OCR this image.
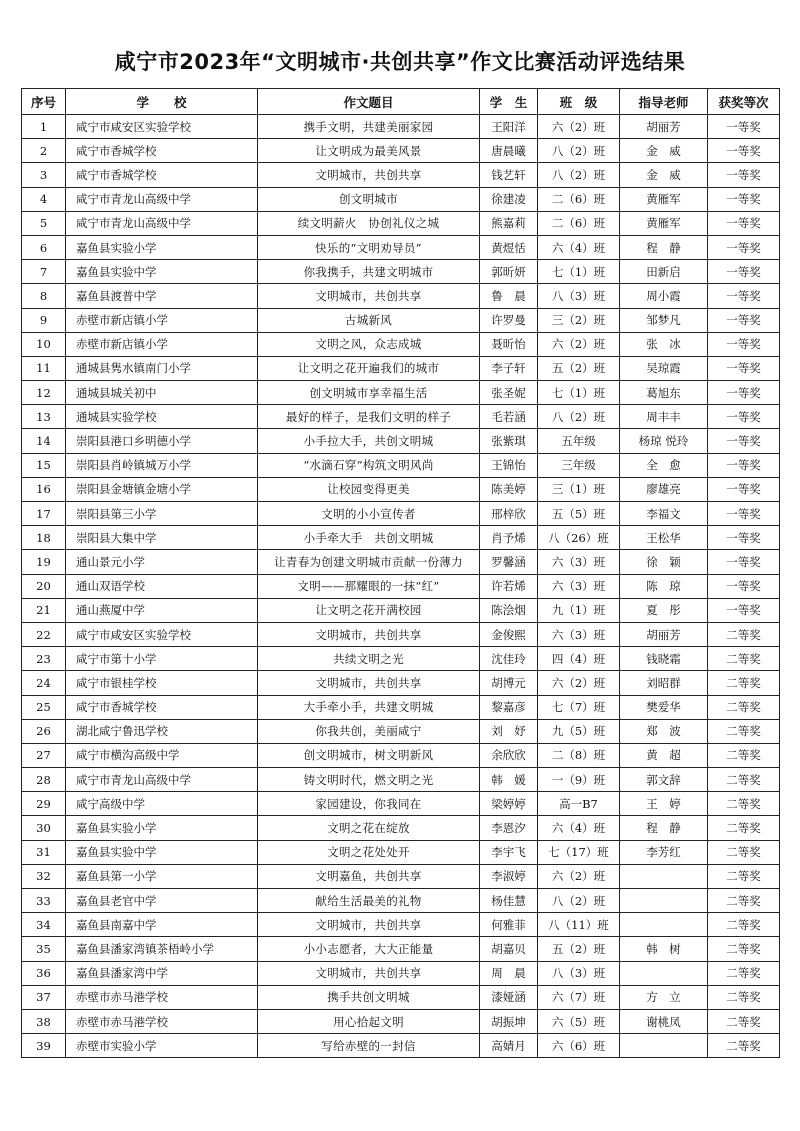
咸宁市2023年“文明城市·共创共享”作文比赛活动评选结果
序号	学　　校	作文题目	学　生	班　级	指导老师	获奖等次
1	咸宁市咸安区实验学校	携手文明，共建美丽家园	王阳洋	六（2）班	胡丽芳	一等奖
2	咸宁市香城学校	让文明成为最美风景	唐晨曦	八（2）班	金　威	一等奖
3	咸宁市香城学校	文明城市，共创共享	钱艺轩	八（2）班	金　威	一等奖
4	咸宁市青龙山高级中学	创文明城市	徐建凌	二（6）班	黄雁军	一等奖
5	咸宁市青龙山高级中学	续文明薪火　协创礼仪之城	熊嘉莉	二（6）班	黄雁军	一等奖
6	嘉鱼县实验小学	快乐的“文明劝导员”	黄煜恬	六（4）班	程　静	一等奖
7	嘉鱼县实验中学	你我携手，共建文明城市	郭昕妍	七（1）班	田新启	一等奖
8	嘉鱼县渡普中学	文明城市，共创共享	鲁　晨	八（3）班	周小霞	一等奖
9	赤壁市新店镇小学	古城新风	许罗曼	三（2）班	邹梦凡	一等奖
10	赤壁市新店镇小学	文明之风，众志成城	聂昕怡	六（2）班	张　冰	一等奖
11	通城县隽水镇南门小学	让文明之花开遍我们的城市	李子轩	五（2）班	吴琼霞	一等奖
12	通城县城关初中	创文明城市享幸福生活	张圣妮	七（1）班	葛旭东	一等奖
13	通城县实验学校	最好的样子，是我们文明的样子	毛若涵	八（2）班	周丰丰	一等奖
14	崇阳县港口乡明德小学	小手拉大手，共创文明城	张紫琪	五年级	杨琼 悦玲	一等奖
15	崇阳县肖岭镇城万小学	“水滴石穿”构筑文明风尚	王锦怡	三年级	全　愈	一等奖
16	崇阳县金塘镇金塘小学	让校园变得更美	陈美婷	三（1）班	廖雄亮	一等奖
17	崇阳县第三小学	文明的小小宣传者	邢梓欣	五（5）班	李福文	一等奖
18	崇阳县大集中学	小手牵大手　共创文明城	肖予烯	八（26）班	王松华	一等奖
19	通山景元小学	让青春为创建文明城市贡献一份薄力	罗馨涵	六（3）班	徐　颖	一等奖
20	通山双语学校	文明——那耀眼的一抹“红”	许若烯	六（3）班	陈　琼	一等奖
21	通山燕厦中学	让文明之花开满校园	陈浍烟	九（1）班	夏　彤	一等奖
22	咸宁市咸安区实验学校	文明城市，共创共享	金俊熙	六（3）班	胡丽芳	二等奖
23	咸宁市第十小学	共续文明之光	沈佳玲	四（4）班	钱晓霜	二等奖
24	咸宁市银桂学校	文明城市，共创共享	胡博元	六（2）班	刘昭群	二等奖
25	咸宁市香城学校	大手牵小手，共建文明城	黎嘉彦	七（7）班	樊爱华	二等奖
26	湖北咸宁鲁迅学校	你我共创，美丽咸宁	刘　妤	九（5）班	郑　波	二等奖
27	咸宁市横沟高级中学	创文明城市，树文明新风	余欣欣	二（8）班	黄　超	二等奖
28	咸宁市青龙山高级中学	铸文明时代，燃文明之光	韩　媛	一（9）班	郭文辞	二等奖
29	咸宁高级中学	家园建设，你我同在	梁婷婷	高一B7	王　婷	二等奖
30	嘉鱼县实验小学	文明之花在绽放	李恩汐	六（4）班	程　静	二等奖
31	嘉鱼县实验中学	文明之花处处开	李宇飞	七（17）班	李芳红	二等奖
32	嘉鱼县第一小学	文明嘉鱼，共创共享	李淑婷	六（2）班		二等奖
33	嘉鱼县老官中学	献给生活最美的礼物	杨佳慧	八（2）班		二等奖
34	嘉鱼县南嘉中学	文明城市，共创共享	何雅菲	八（11）班		二等奖
35	嘉鱼县潘家湾镇茶梧岭小学	小小志愿者，大大正能量	胡嘉贝	五（2）班	韩　树	二等奖
36	嘉鱼县潘家湾中学	文明城市，共创共享	周　晨	八（3）班		二等奖
37	赤壁市赤马港学校	携手共创文明城	漆娅涵	六（7）班	方　立	二等奖
38	赤壁市赤马港学校	用心拾起文明	胡振坤	六（5）班	谢桃凤	二等奖
39	赤壁市实验小学	写给赤壁的一封信	高婧月	六（6）班		二等奖
